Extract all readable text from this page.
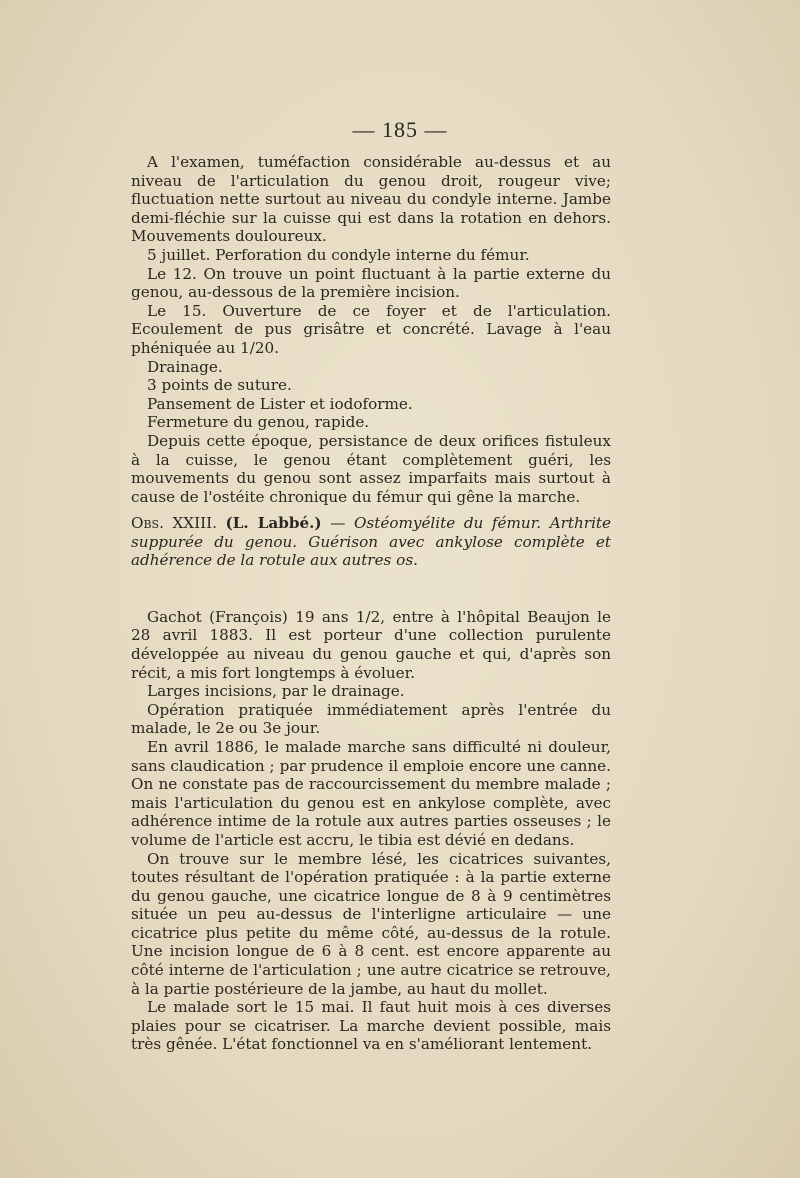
— 185 —

A l'examen, tuméfaction considérable au-dessus et au niveau de l'articulation du genou droit, rougeur vive; fluctuation nette surtout au niveau du condyle interne. Jambe demi-fléchie sur la cuisse qui est dans la rotation en dehors. Mouvements douloureux.

5 juillet. Perforation du condyle interne du fémur.

Le 12. On trouve un point fluctuant à la partie externe du genou, au-dessous de la première incision.

Le 15. Ouverture de ce foyer et de l'articulation. Ecoulement de pus grisâtre et concrété. Lavage à l'eau phéniquée au 1/20.

Drainage.

3 points de suture.

Pansement de Lister et iodoforme.

Fermeture du genou, rapide.

Depuis cette époque, persistance de deux orifices fistuleux à la cuisse, le genou étant complètement guéri, les mouvements du genou sont assez imparfaits mais surtout à cause de l'ostéite chronique du fémur qui gêne la marche.

Obs. XXIII. (L. Labbé.) — Ostéomyélite du fémur. Arthrite suppurée du genou. Guérison avec ankylose complète et adhérence de la rotule aux autres os.

Gachot (François) 19 ans 1/2, entre à l'hôpital Beaujon le 28 avril 1883. Il est porteur d'une collection purulente développée au niveau du genou gauche et qui, d'après son récit, a mis fort longtemps à évoluer.

Larges incisions, par le drainage.

Opération pratiquée immédiatement après l'entrée du malade, le 2e ou 3e jour.

En avril 1886, le malade marche sans difficulté ni douleur, sans claudication ; par prudence il emploie encore une canne. On ne constate pas de raccourcissement du membre malade ; mais l'articulation du genou est en ankylose complète, avec adhérence intime de la rotule aux autres parties osseuses ; le volume de l'article est accru, le tibia est dévié en dedans.

On trouve sur le membre lésé, les cicatrices suivantes, toutes résultant de l'opération pratiquée : à la partie externe du genou gauche, une cicatrice longue de 8 à 9 centimètres située un peu au-dessus de l'interligne articulaire — une cicatrice plus petite du même côté, au-dessus de la rotule. Une incision longue de 6 à 8 cent. est encore apparente au côté interne de l'articulation ; une autre cicatrice se retrouve, à la partie postérieure de la jambe, au haut du mollet.

Le malade sort le 15 mai. Il faut huit mois à ces diverses plaies pour se cicatriser. La marche devient possible, mais très gênée. L'état fonctionnel va en s'améliorant lentement.
